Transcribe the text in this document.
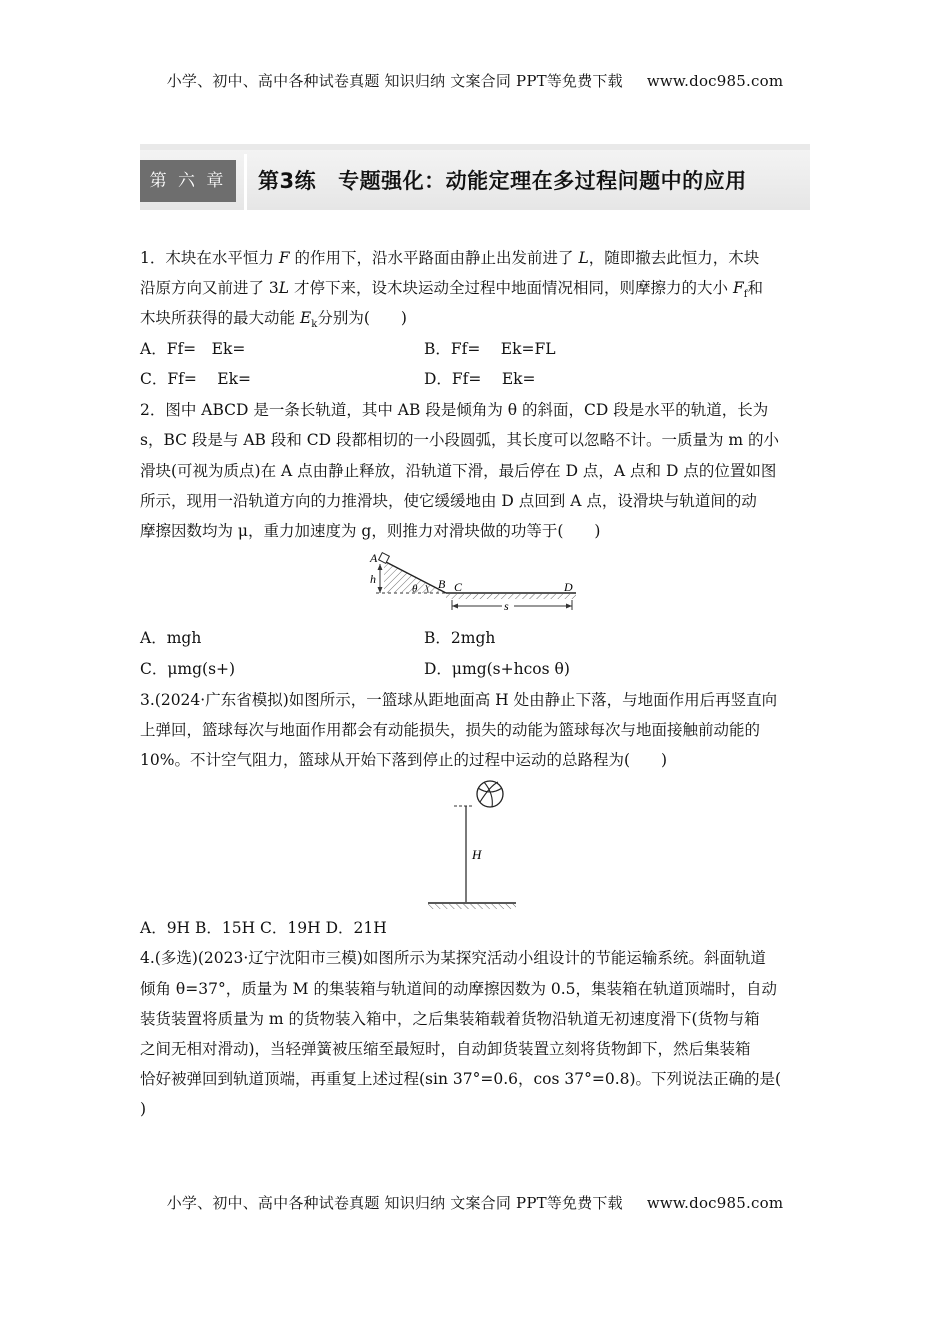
小学、初中、高中各种试卷真题 知识归纳 文案合同 PPT等免费下载 www.doc985.com
第 六 章	第3练 专题强化：动能定理在多过程问题中的应用
1．木块在水平恒力 F 的作用下，沿水平路面由静止出发前进了 L，随即撤去此恒力，木块
沿原方向又前进了 3L 才停下来，设木块运动全过程中地面情况相同，则摩擦力的大小 $F_f$和
木块所获得的最大动能 $E_k$分别为(　　)
A．Ff=　Ek=	B．Ff=　 Ek=FL
C．Ff=　 Ek=	D．Ff=　 Ek=
2．图中 ABCD 是一条长轨道，其中 AB 段是倾角为 θ 的斜面，CD 段是水平的轨道，长为
s，BC 段是与 AB 段和 CD 段都相切的一小段圆弧，其长度可以忽略不计。一质量为 m 的小
滑块(可视为质点)在 A 点由静止释放，沿轨道下滑，最后停在 D 点，A 点和 D 点的位置如图
所示，现用一沿轨道方向的力推滑块，使它缓缓地由 D 点回到 A 点，设滑块与轨道间的动
摩擦因数均为 μ，重力加速度为 g，则推力对滑块做的功等于(　　)
A
h	B
θ	C	D
s
A．mgh	B．2mgh
C．μmg(s+)	D．μmg(s+hcos θ)
3.(2024·广东省模拟)如图所示，一篮球从距地面高 H 处由静止下落，与地面作用后再竖直向
上弹回，篮球每次与地面作用都会有动能损失，损失的动能为篮球每次与地面接触前动能的
10%。不计空气阻力，篮球从开始下落到停止的过程中运动的总路程为(　　)
H
A．9H B．15H C．19H D．21H
4.(多选)(2023·辽宁沈阳市三模)如图所示为某探究活动小组设计的节能运输系统。斜面轨道
倾角 θ=37°，质量为 M 的集装箱与轨道间的动摩擦因数为 0.5，集装箱在轨道顶端时，自动
装货装置将质量为 m 的货物装入箱中，之后集装箱载着货物沿轨道无初速度滑下(货物与箱
之间无相对滑动)，当轻弹簧被压缩至最短时，自动卸货装置立刻将货物卸下，然后集装箱
恰好被弹回到轨道顶端，再重复上述过程(sin 37°=0.6，cos 37°=0.8)。下列说法正确的是(
)
小学、初中、高中各种试卷真题 知识归纳 文案合同 PPT等免费下载 www.doc985.com
